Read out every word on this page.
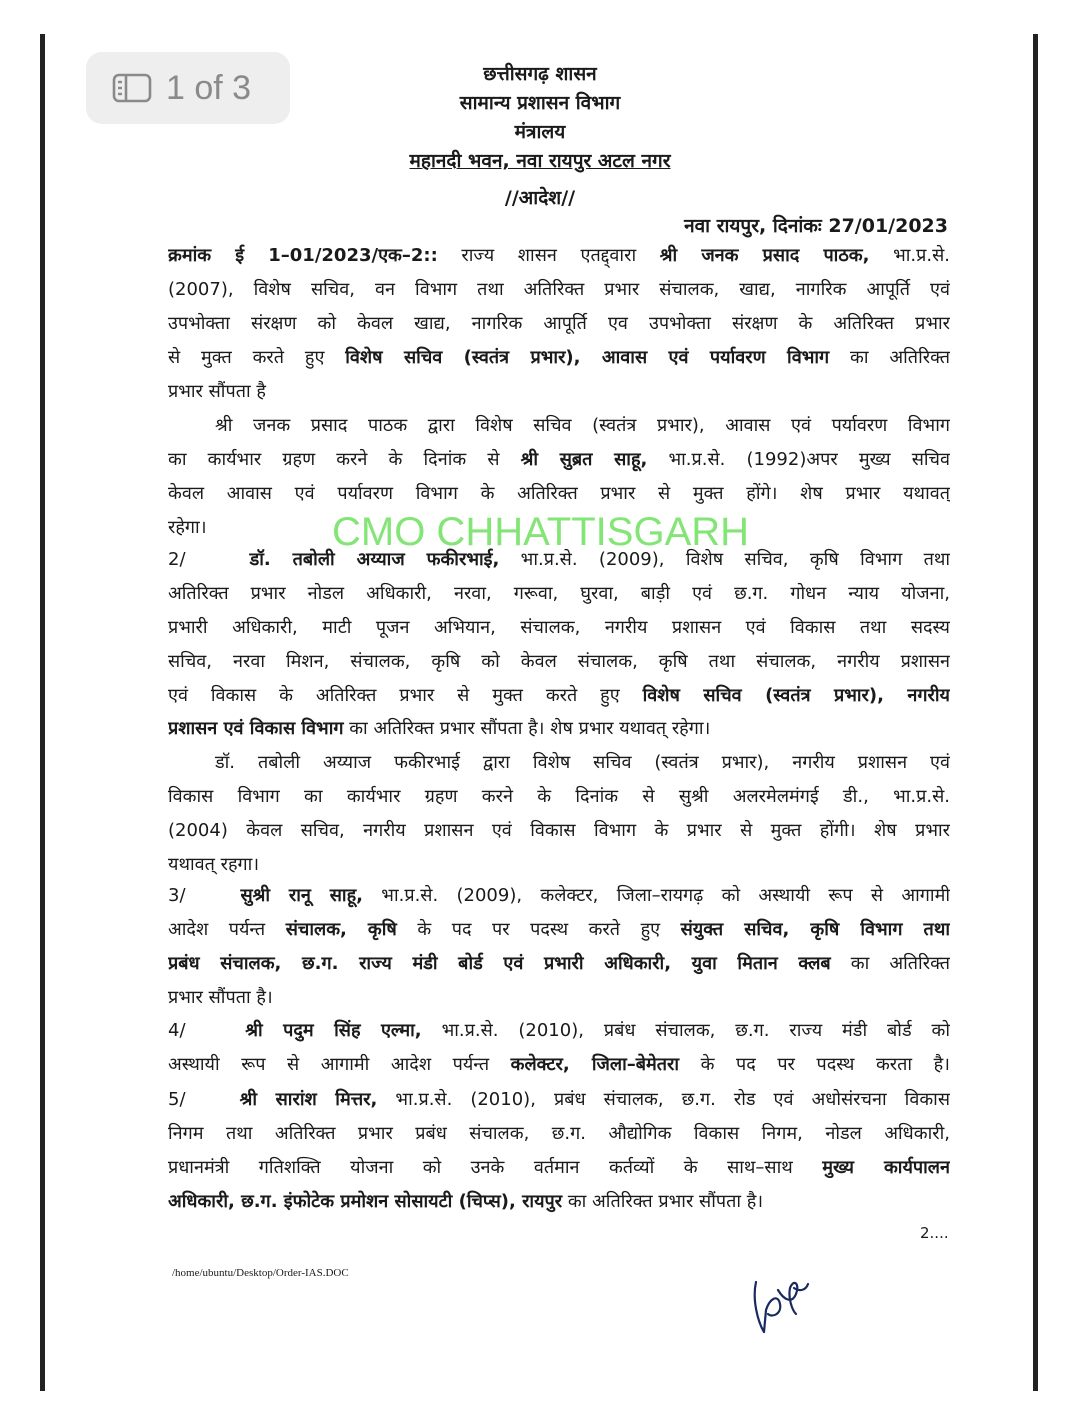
छत्तीसगढ़ शासन
सामान्य प्रशासन विभाग
मंत्रालय
महानदी भवन, नवा रायपुर अटल नगर
//आदेश//
नवा रायपुर, दिनांकः 27/01/2023
क्रमांक ई 1–01/2023/एक–2:: राज्य शासन एतद्द्वारा श्री जनक प्रसाद पाठक, भा.प्र.से.
(2007), विशेष सचिव, वन विभाग तथा अतिरिक्त प्रभार संचालक, खाद्य, नागरिक आपूर्ति एवं
उपभोक्ता संरक्षण को केवल खाद्य, नागरिक आपूर्ति एव उपभोक्ता संरक्षण के अतिरिक्त प्रभार
से मुक्त करते हुए विशेष सचिव (स्वतंत्र प्रभार), आवास एवं पर्यावरण विभाग का अतिरिक्त
प्रभार सौंपता है
श्री जनक प्रसाद पाठक द्वारा विशेष सचिव (स्वतंत्र प्रभार), आवास एवं पर्यावरण विभाग
का कार्यभार ग्रहण करने के दिनांक से श्री सुब्रत साहू, भा.प्र.से. (1992)अपर मुख्य सचिव
केवल आवास एवं पर्यावरण विभाग के अतिरिक्त प्रभार से मुक्त होंगे। शेष प्रभार यथावत्
रहेगा।
2/	डॉ. तबोली अय्याज फकीरभाई, भा.प्र.से. (2009), विशेष सचिव, कृषि विभाग तथा
अतिरिक्त प्रभार नोडल अधिकारी, नरवा, गरूवा, घुरवा, बाड़ी एवं छ.ग. गोधन न्याय योजना,
प्रभारी अधिकारी, माटी पूजन अभियान, संचालक, नगरीय प्रशासन एवं विकास तथा सदस्य
सचिव, नरवा मिशन, संचालक, कृषि को केवल संचालक, कृषि तथा संचालक, नगरीय प्रशासन
एवं विकास के अतिरिक्त प्रभार से मुक्त करते हुए विशेष सचिव (स्वतंत्र प्रभार), नगरीय
प्रशासन एवं विकास विभाग का अतिरिक्त प्रभार सौंपता है। शेष प्रभार यथावत् रहेगा।
डॉ. तबोली अय्याज फकीरभाई द्वारा विशेष सचिव (स्वतंत्र प्रभार), नगरीय प्रशासन एवं
विकास विभाग का कार्यभार ग्रहण करने के दिनांक से सुश्री अलरमेलमंगई डी., भा.प्र.से.
(2004) केवल सचिव, नगरीय प्रशासन एवं विकास विभाग के प्रभार से मुक्त होंगी। शेष प्रभार
यथावत् रहगा।
3/	सुश्री रानू साहू, भा.प्र.से. (2009), कलेक्टर, जिला–रायगढ़ को अस्थायी रूप से आगामी
आदेश पर्यन्त संचालक, कृषि के पद पर पदस्थ करते हुए संयुक्त सचिव, कृषि विभाग तथा
प्रबंध संचालक, छ.ग. राज्य मंडी बोर्ड एवं प्रभारी अधिकारी, युवा मितान क्लब का अतिरिक्त
प्रभार सौंपता है।
4/	श्री पदुम सिंह एल्मा, भा.प्र.से. (2010), प्रबंध संचालक, छ.ग. राज्य मंडी बोर्ड को
अस्थायी रूप से आगामी आदेश पर्यन्त कलेक्टर, जिला–बेमेतरा के पद पर पदस्थ करता है।
5/	श्री सारांश मित्तर, भा.प्र.से. (2010), प्रबंध संचालक, छ.ग. रोड एवं अधोसंरचना विकास
निगम तथा अतिरिक्त प्रभार प्रबंध संचालक, छ.ग. औद्योगिक विकास निगम, नोडल अधिकारी,
प्रधानमंत्री गतिशक्ति योजना को उनके वर्तमान कर्तव्यों के साथ–साथ मुख्य कार्यपालन
अधिकारी, छ.ग. इंफोटेक प्रमोशन सोसायटी (चिप्स), रायपुर का अतिरिक्त प्रभार सौंपता है।
2....
/home/ubuntu/Desktop/Order-IAS.DOC
CMO CHHATTISGARH
1 of 3
